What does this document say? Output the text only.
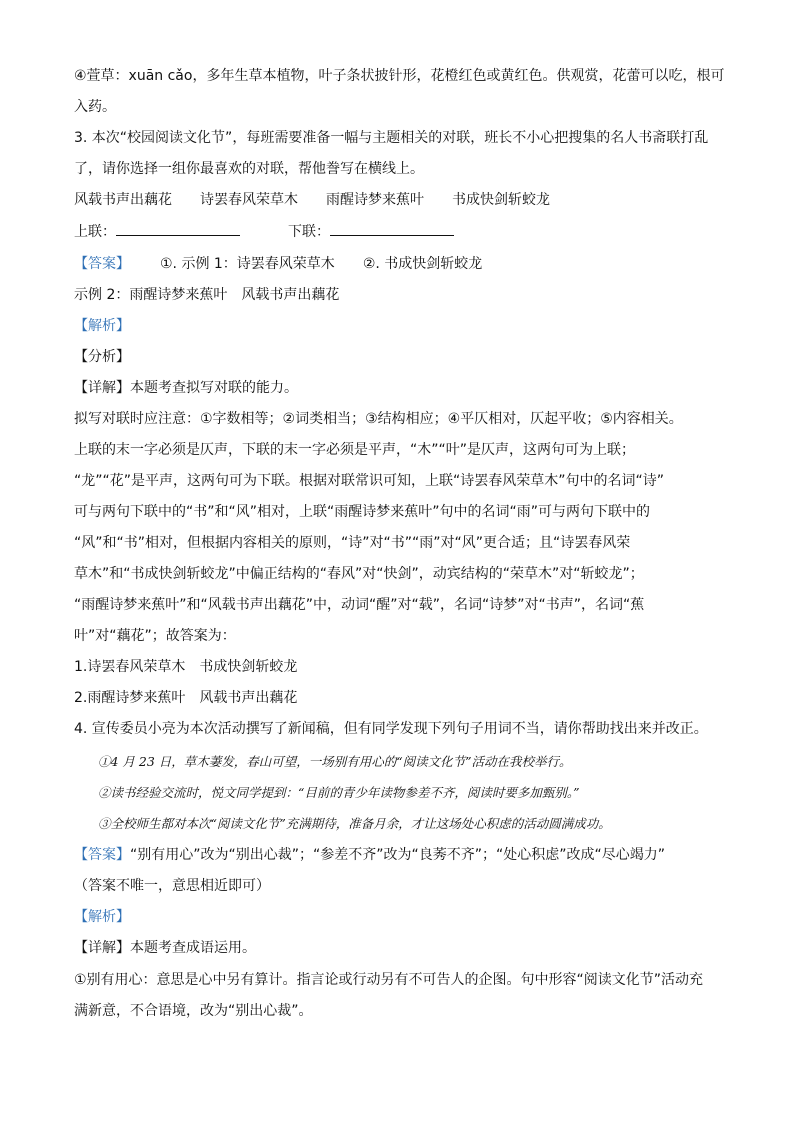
④萱草：xuān cǎo，多年生草本植物，叶子条状披针形，花橙红色或黄红色。供观赏，花蕾可以吃，根可
入药。
3. 本次“校园阅读文化节”，每班需要准备一幅与主题相关的对联，班长不小心把搜集的名人书斋联打乱
了，请你选择一组你最喜欢的对联，帮他誊写在横线上。
风载书声出藕花 诗罢春风荣草木 雨醒诗梦来蕉叶 书成快剑斩蛟龙
上联：	下联：
【答案】 ①. 示例 1：诗罢春风荣草木 ②. 书成快剑斩蛟龙
示例 2：雨醒诗梦来蕉叶　风载书声出藕花
【解析】
【分析】
【详解】本题考查拟写对联的能力。
拟写对联时应注意：①字数相等；②词类相当；③结构相应；④平仄相对，仄起平收；⑤内容相关。
上联的末一字必须是仄声，下联的末一字必须是平声，“木”“叶”是仄声，这两句可为上联；
“龙”“花”是平声，这两句可为下联。根据对联常识可知，上联“诗罢春风荣草木”句中的名词“诗”
可与两句下联中的“书”和“风”相对，上联“雨醒诗梦来蕉叶”句中的名词“雨”可与两句下联中的
“风”和“书”相对，但根据内容相关的原则，“诗”对“书”“雨”对“风”更合适；且“诗罢春风荣
草木”和“书成快剑斩蛟龙”中偏正结构的“春风”对“快剑”，动宾结构的“荣草木”对“斩蛟龙”；
“雨醒诗梦来蕉叶”和“风载书声出藕花”中，动词“醒”对“载”，名词“诗梦”对“书声”，名词“蕉
叶”对“藕花”；故答案为：
1.诗罢春风荣草木　书成快剑斩蛟龙
2.雨醒诗梦来蕉叶　风载书声出藕花
4. 宣传委员小亮为本次活动撰写了新闻稿，但有同学发现下列句子用词不当，请你帮助找出来并改正。
①4 月 23 日，草木萋发，春山可望，一场别有用心的“阅读文化节”活动在我校举行。
②读书经验交流时，悦文同学提到：“目前的青少年读物参差不齐，阅读时要多加甄别。”
③全校师生都对本次“阅读文化节”充满期待，准备月余，才让这场处心积虑的活动圆满成功。
【答案】“别有用心”改为“别出心裁”；“参差不齐”改为“良莠不齐”；“处心积虑”改成“尽心竭力”
（答案不唯一，意思相近即可）
【解析】
【详解】本题考查成语运用。
①别有用心：意思是心中另有算计。指言论或行动另有不可告人的企图。句中形容“阅读文化节”活动充
满新意，不合语境，改为“别出心裁”。
